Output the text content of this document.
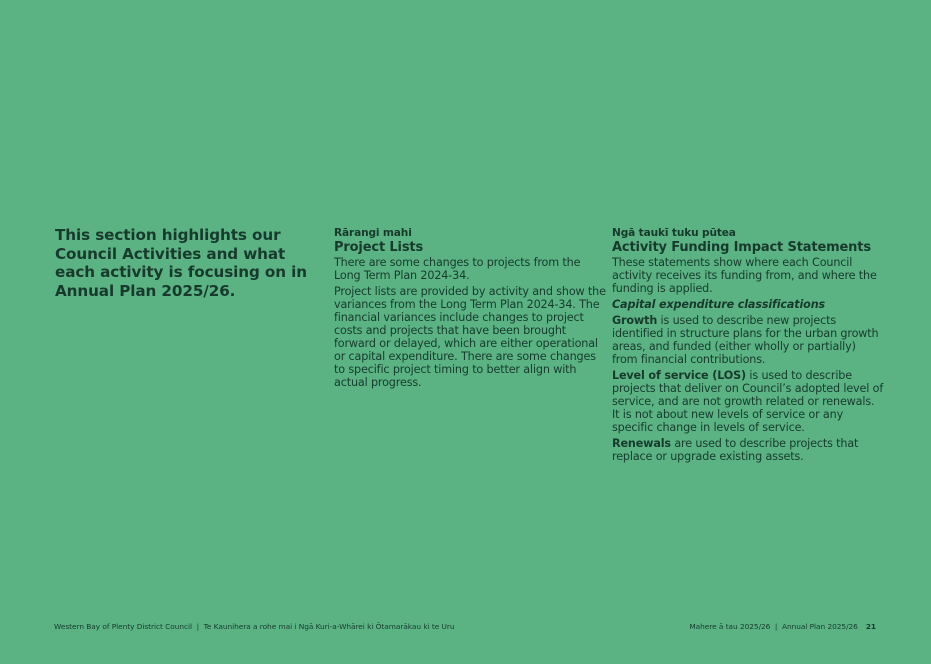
This section highlights our Council Activities and what each activity is focusing on in Annual Plan 2025/26.

Rārangi mahi

Project Lists

There are some changes to projects from the Long Term Plan 2024-34.

Project lists are provided by activity and show the variances from the Long Term Plan 2024-34. The financial variances include changes to project costs and projects that have been brought forward or delayed, which are either operational or capital expenditure. There are some changes to specific project timing to better align with actual progress.

Ngā taukī tuku pūtea

Activity Funding Impact Statements

These statements show where each Council activity receives its funding from, and where the funding is applied.

Capital expenditure classifications

Growth is used to describe new projects identified in structure plans for the urban growth areas, and funded (either wholly or partially) from financial contributions.

Level of service (LOS) is used to describe projects that deliver on Council’s adopted level of service, and are not growth related or renewals. It is not about new levels of service or any specific change in levels of service.

Renewals are used to describe projects that replace or upgrade existing assets.

Western Bay of Plenty District Council  |  Te Kaunihera a rohe mai i Ngā Kuri-a-Whārei ki Ōtamarākau ki te Uru	Mahere ā tau 2025/26  |  Annual Plan 2025/26 21
